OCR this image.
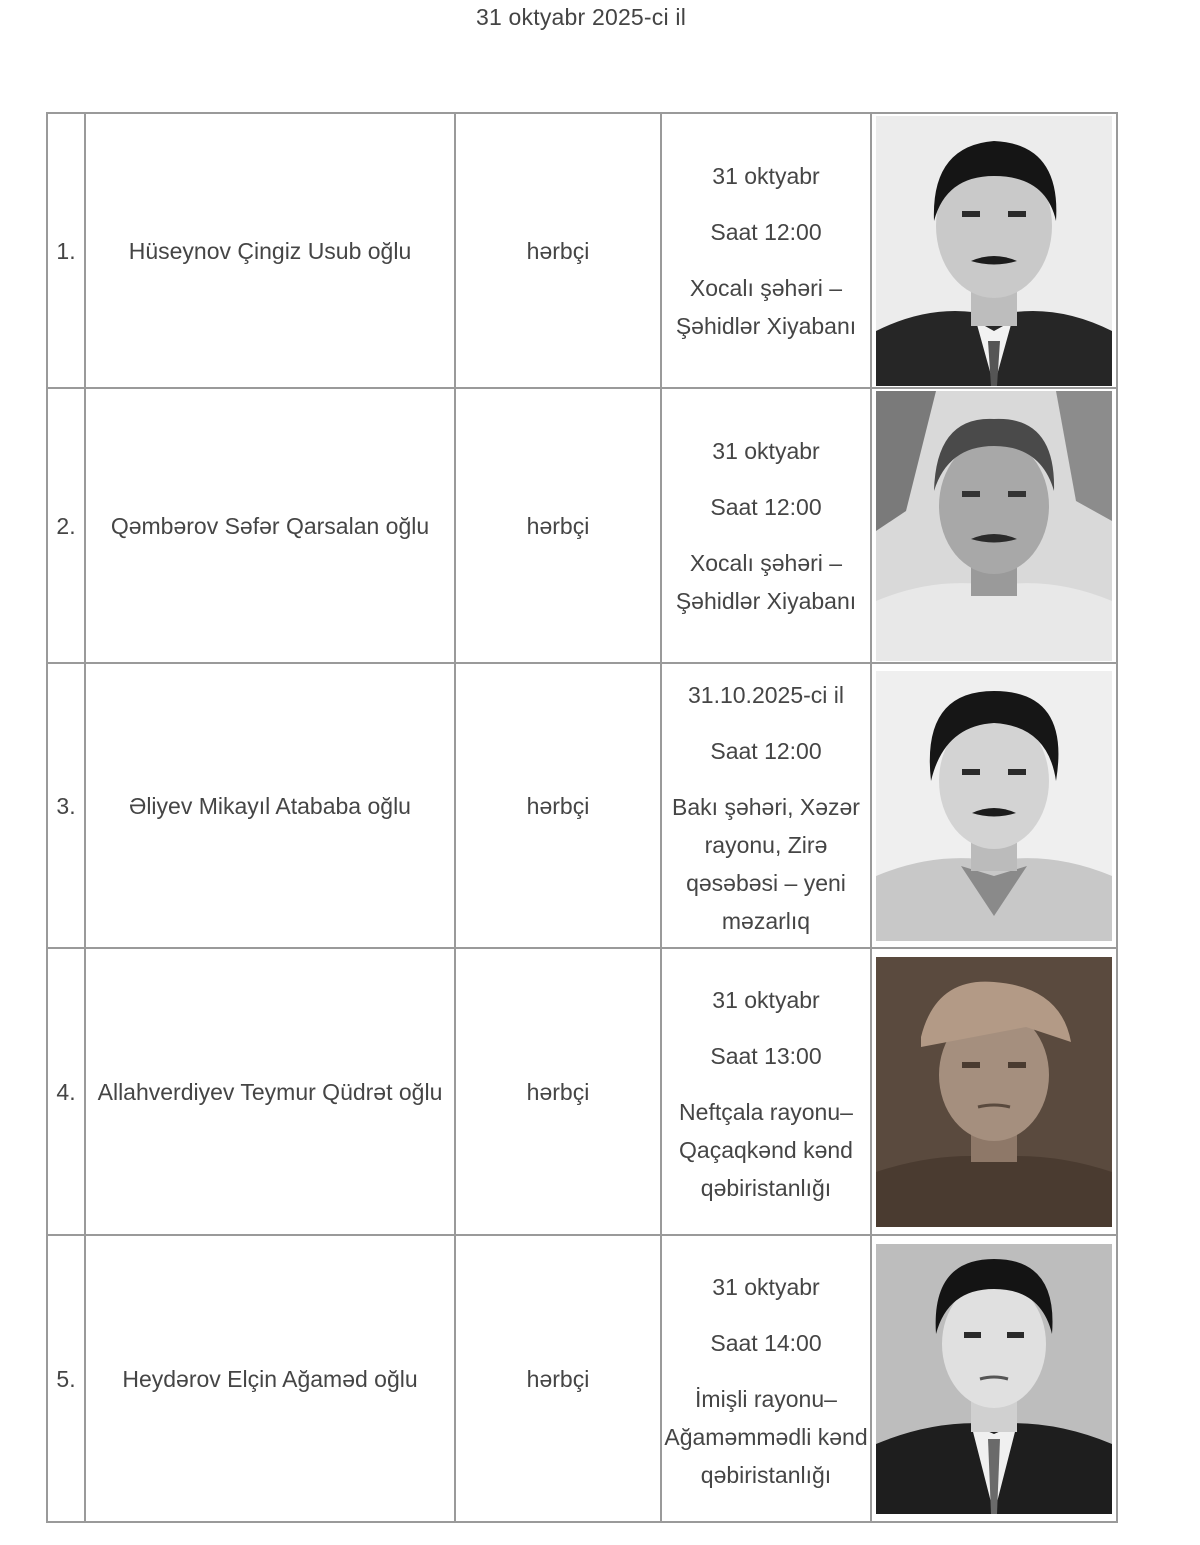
31 oktyabr 2025-ci il
1.	Hüseynov Çingiz Usub oğlu	hərbçi	31 oktyabr
Saat 12:00
Xocalı şəhəri – Şəhidlər Xiyabanı

2.	Qəmbərov Səfər Qarsalan oğlu	hərbçi	31 oktyabr
Saat 12:00
Xocalı şəhəri – Şəhidlər Xiyabanı

3.	Əliyev Mikayıl Atababa oğlu	hərbçi	31.10.2025-ci il
Saat 12:00
Bakı şəhəri, Xəzər rayonu, Zirə qəsəbəsi – yeni məzarlıq

4.	Allahverdiyev Teymur Qüdrət oğlu	hərbçi	31 oktyabr
Saat 13:00
Neftçala rayonu– Qaçaqkənd kənd qəbiristanlığı

5.	Heydərov Elçin Ağaməd oğlu	hərbçi	31 oktyabr
Saat 14:00
İmişli rayonu– Ağaməmmədli kənd qəbiristanlığı
